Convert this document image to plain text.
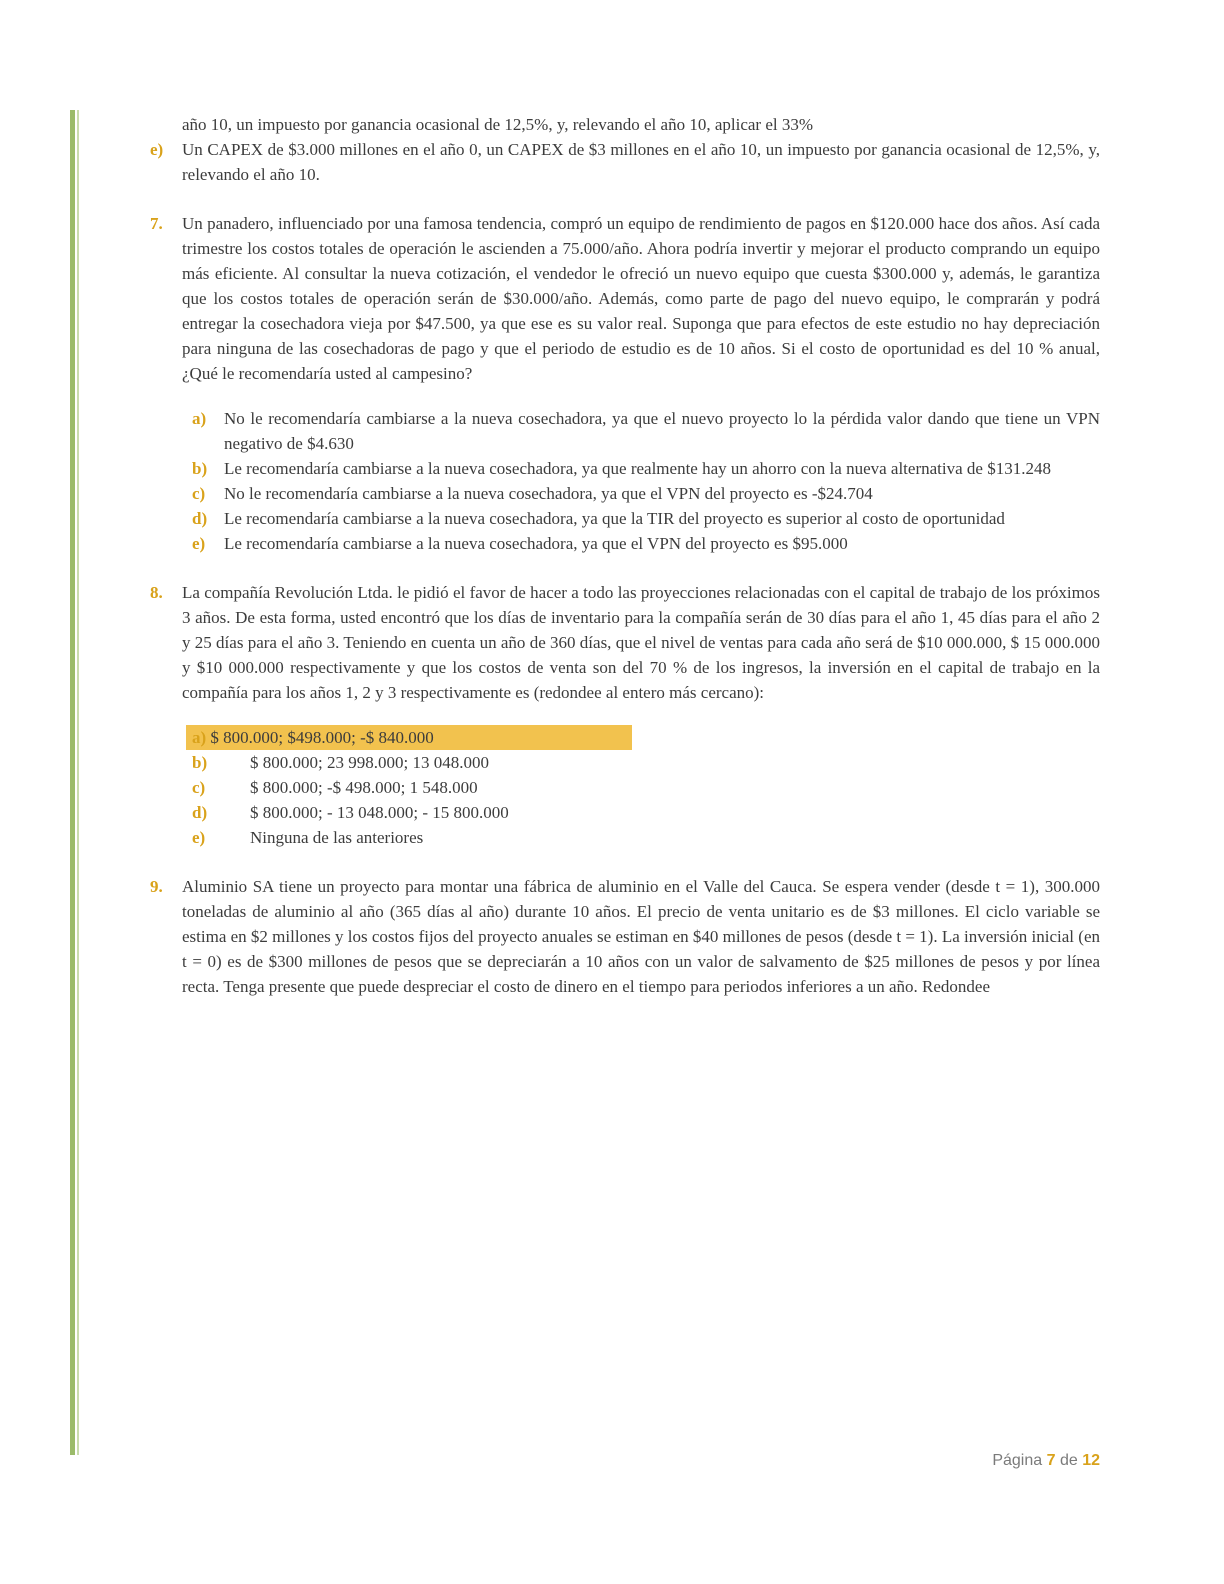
año 10, un impuesto por ganancia ocasional de 12,5%, y, relevando el año 10, aplicar el 33%

e)	Un CAPEX de $3.000 millones en el año 0, un CAPEX de $3 millones en el año 10, un impuesto por ganancia ocasional de 12,5%, y, relevando el año 10.
7.	Un panadero, influenciado por una famosa tendencia, compró un equipo de rendimiento de pagos en $120.000 hace dos años. Así cada trimestre los costos totales de operación le ascienden a 75.000/año. Ahora podría invertir y mejorar el producto comprando un equipo más eficiente. Al consultar la nueva cotización, el vendedor le ofreció un nuevo equipo que cuesta $300.000 y, además, le garantiza que los costos totales de operación serán de $30.000/año. Además, como parte de pago del nuevo equipo, le comprarán y podrá entregar la cosechadora vieja por $47.500, ya que ese es su valor real. Suponga que para efectos de este estudio no hay depreciación para ninguna de las cosechadoras de pago y que el periodo de estudio es de 10 años. Si el costo de oportunidad es del 10 % anual, ¿Qué le recomendaría usted al campesino?
a)	No le recomendaría cambiarse a la nueva cosechadora, ya que el nuevo proyecto lo la pérdida valor dando que tiene un VPN negativo de $4.630
b) Le recomendaría cambiarse a la nueva cosechadora, ya que realmente hay un ahorro con la nueva alternativa de $131.248
c)	No le recomendaría cambiarse a la nueva cosechadora, ya que el VPN del proyecto es -$24.704
d) Le recomendaría cambiarse a la nueva cosechadora, ya que la TIR del proyecto es superior al costo de oportunidad
e)	Le recomendaría cambiarse a la nueva cosechadora, ya que el VPN del proyecto es $95.000
8.	La compañía Revolución Ltda. le pidió el favor de hacer a todo las proyecciones relacionadas con el capital de trabajo de los próximos 3 años. De esta forma, usted encontró que los días de inventario para la compañía serán de 30 días para el año 1, 45 días para el año 2 y 25 días para el año 3. Teniendo en cuenta un año de 360 días, que el nivel de ventas para cada año será de $10 000.000, $ 15 000.000 y $10 000.000 respectivamente y que los costos de venta son del 70 % de los ingresos, la inversión en el capital de trabajo en la compañía para los años 1, 2 y 3 respectivamente es (redondee al entero más cercano):
a) $ 800.000; $498.000; -$ 840.000
b)	$ 800.000; 23 998.000; 13 048.000
c)	$ 800.000; -$ 498.000; 1 548.000
d)	$ 800.000; - 13 048.000; - 15 800.000
e)	Ninguna de las anteriores
9.	Aluminio SA tiene un proyecto para montar una fábrica de aluminio en el Valle del Cauca. Se espera vender (desde t = 1), 300.000 toneladas de aluminio al año (365 días al año) durante 10 años. El precio de venta unitario es de $3 millones. El ciclo variable se estima en $2 millones y los costos fijos del proyecto anuales se estiman en $40 millones de pesos (desde t = 1). La inversión inicial (en t = 0) es de $300 millones de pesos que se depreciarán a 10 años con un valor de salvamento de $25 millones de pesos y por línea recta. Tenga presente que puede despreciar el costo de dinero en el tiempo para periodos inferiores a un año. Redondee
Página 7 de 12
